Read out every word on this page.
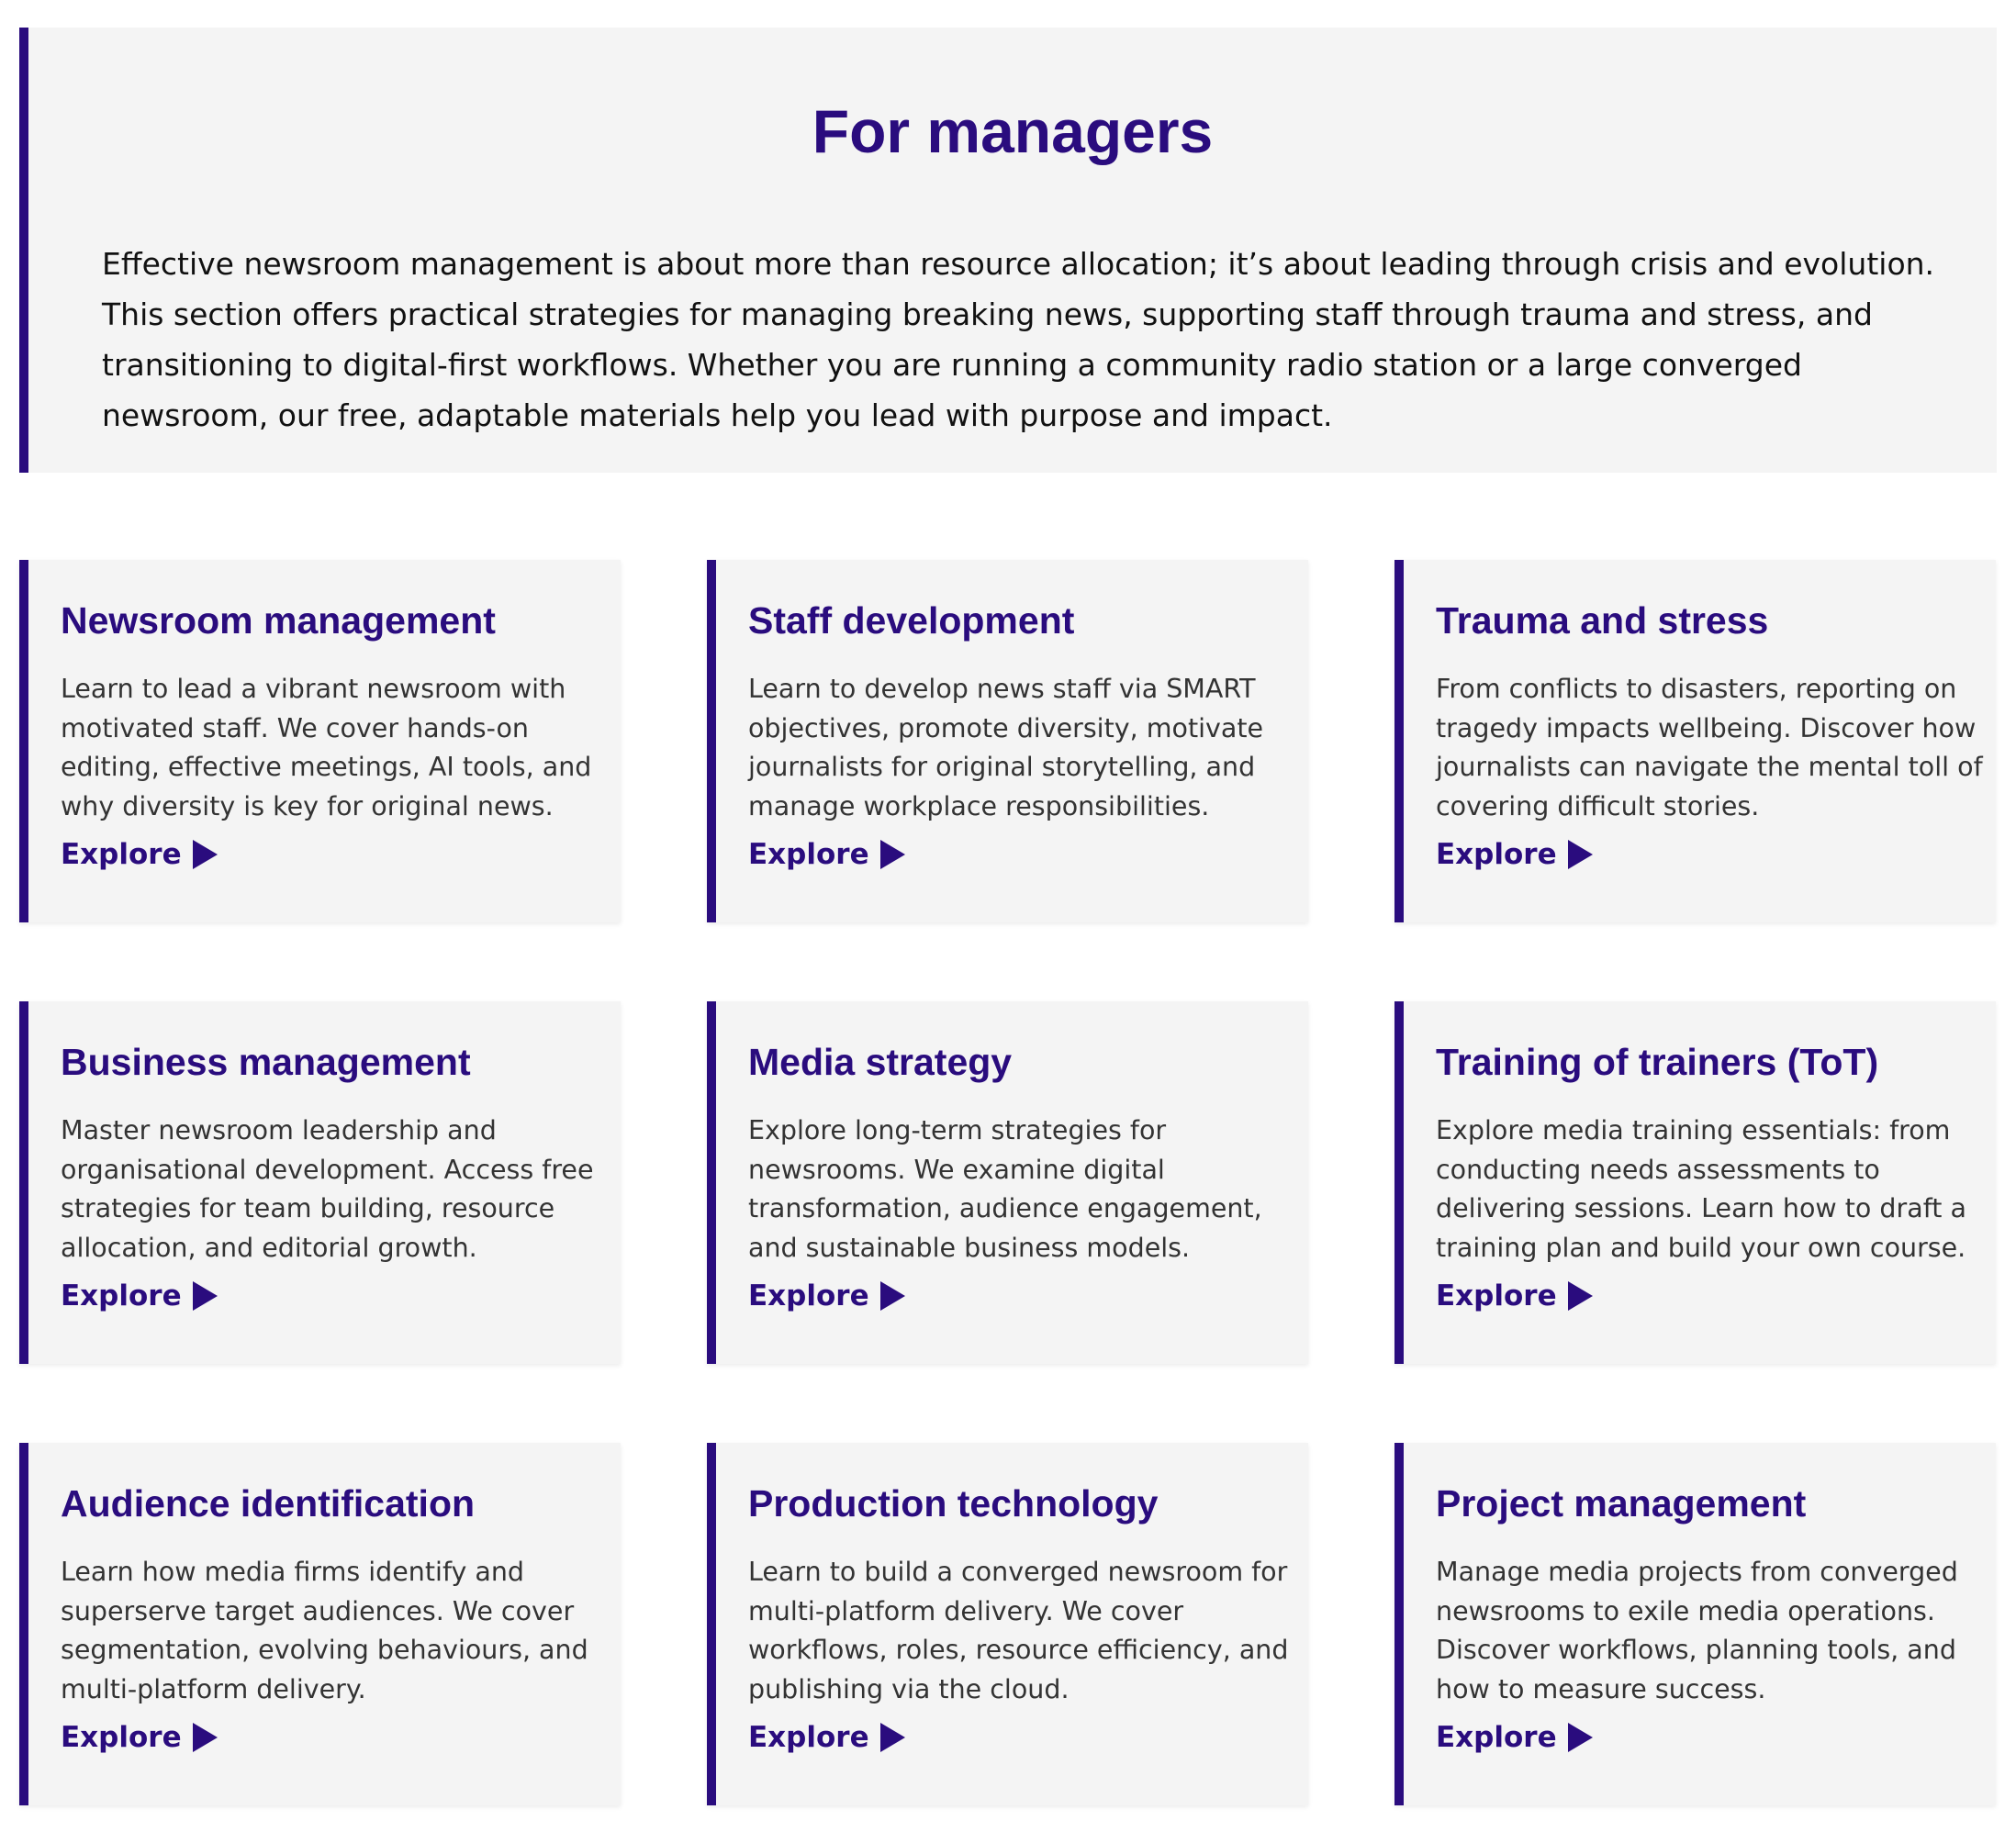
For managers

Effective newsroom management is about more than resource allocation; it’s about leading through crisis and evolution. This section offers practical strategies for managing breaking news, supporting staff through trauma and stress, and transitioning to digital-first workflows. Whether you are running a community radio station or a large converged newsroom, our free, adaptable materials help you lead with purpose and impact.

Newsroom management

Learn to lead a vibrant newsroom with motivated staff. We cover hands-on editing, effective meetings, AI tools, and why diversity is key for original news.

Explore
Staff development

Learn to develop news staff via SMART objectives, promote diversity, motivate journalists for original storytelling, and manage workplace responsibilities.

Explore
Trauma and stress

From conflicts to disasters, reporting on tragedy impacts wellbeing. Discover how journalists can navigate the mental toll of covering difficult stories.

Explore
Business management

Master newsroom leadership and organisational development. Access free strategies for team building, resource allocation, and editorial growth.

Explore
Media strategy

Explore long-term strategies for newsrooms. We examine digital transformation, audience engagement, and sustainable business models.

Explore
Training of trainers (ToT)

Explore media training essentials: from conducting needs assessments to delivering sessions. Learn how to draft a training plan and build your own course.

Explore
Audience identification

Learn how media firms identify and superserve target audiences. We cover segmentation, evolving behaviours, and multi-platform delivery.

Explore
Production technology

Learn to build a converged newsroom for multi-platform delivery. We cover workflows, roles, resource efficiency, and publishing via the cloud.

Explore
Project management

Manage media projects from converged newsrooms to exile media operations. Discover workflows, planning tools, and how to measure success.

Explore
